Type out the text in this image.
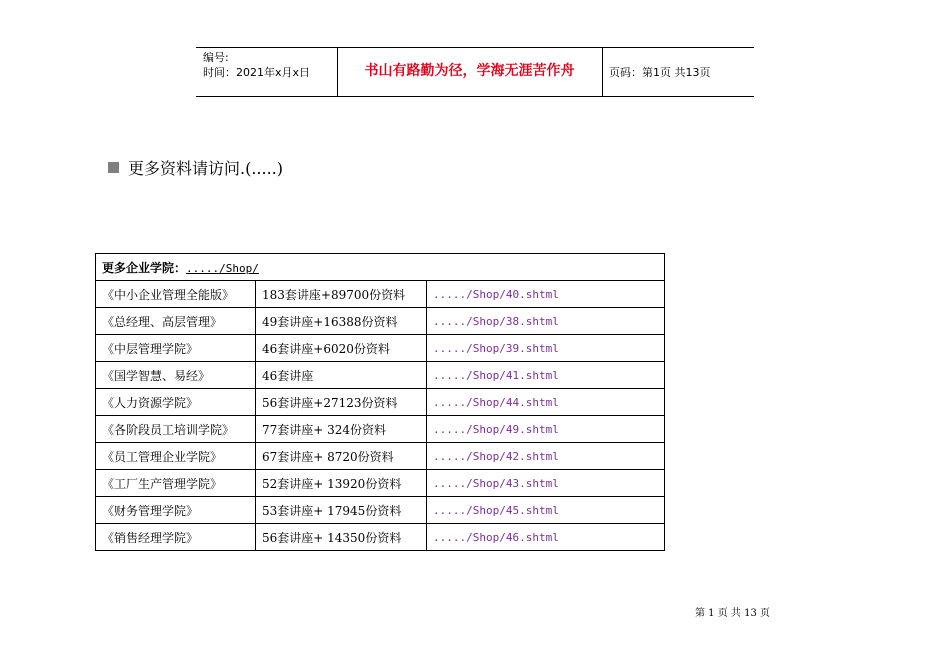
编号:
时间：2021年x月x日	书山有路勤为径，学海无涯苦作舟	页码：第1页 共13页
更多资料请访问.(.....)
更多企业学院：...../Shop/		
《中小企业管理全能版》	183套讲座+89700份资料	...../Shop/40.shtml
《总经理、高层管理》	49套讲座+16388份资料	...../Shop/38.shtml
《中层管理学院》	46套讲座+6020份资料	...../Shop/39.shtml
《国学智慧、易经》	46套讲座	...../Shop/41.shtml
《人力资源学院》	56套讲座+27123份资料	...../Shop/44.shtml
《各阶段员工培训学院》	77套讲座+ 324份资料	...../Shop/49.shtml
《员工管理企业学院》	67套讲座+ 8720份资料	...../Shop/42.shtml
《工厂生产管理学院》	52套讲座+ 13920份资料	...../Shop/43.shtml
《财务管理学院》	53套讲座+ 17945份资料	...../Shop/45.shtml
《销售经理学院》	56套讲座+ 14350份资料	...../Shop/46.shtml
第 1 页 共 13 页
